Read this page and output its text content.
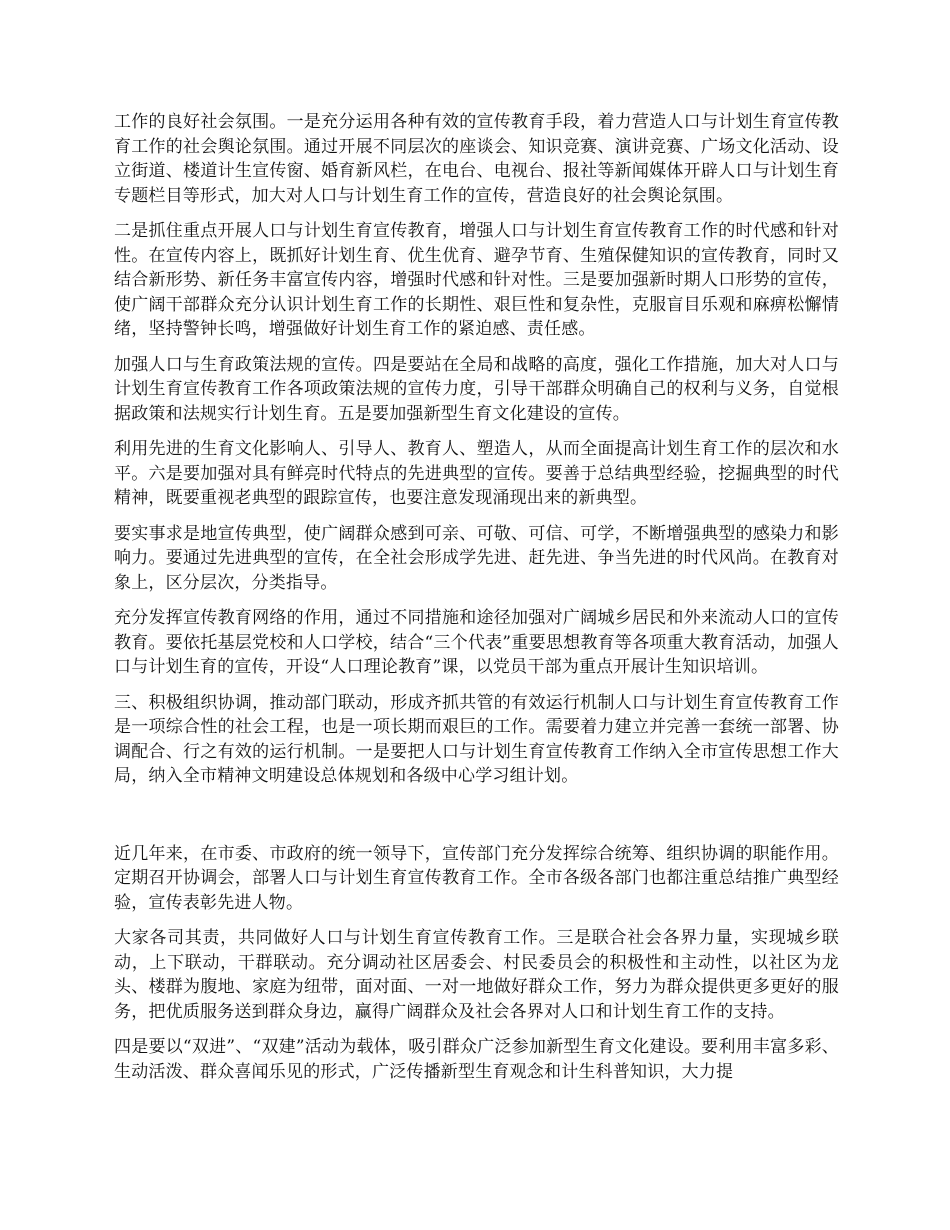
工作的良好社会氛围。一是充分运用各种有效的宣传教育手段，着力营造人口与计划生育宣传教育工作的社会舆论氛围。通过开展不同层次的座谈会、知识竞赛、演讲竞赛、广场文化活动、设立街道、楼道计生宣传窗、婚育新风栏，在电台、电视台、报社等新闻媒体开辟人口与计划生育专题栏目等形式，加大对人口与计划生育工作的宣传，营造良好的社会舆论氛围。

二是抓住重点开展人口与计划生育宣传教育，增强人口与计划生育宣传教育工作的时代感和针对性。在宣传内容上，既抓好计划生育、优生优育、避孕节育、生殖保健知识的宣传教育，同时又结合新形势、新任务丰富宣传内容，增强时代感和针对性。三是要加强新时期人口形势的宣传，使广阔干部群众充分认识计划生育工作的长期性、艰巨性和复杂性，克服盲目乐观和麻痹松懈情绪，坚持警钟长鸣，增强做好计划生育工作的紧迫感、责任感。

加强人口与生育政策法规的宣传。四是要站在全局和战略的高度，强化工作措施，加大对人口与计划生育宣传教育工作各项政策法规的宣传力度，引导干部群众明确自己的权利与义务，自觉根据政策和法规实行计划生育。五是要加强新型生育文化建设的宣传。

利用先进的生育文化影响人、引导人、教育人、塑造人，从而全面提高计划生育工作的层次和水平。六是要加强对具有鲜亮时代特点的先进典型的宣传。要善于总结典型经验，挖掘典型的时代精神，既要重视老典型的跟踪宣传，也要注意发现涌现出来的新典型。

要实事求是地宣传典型，使广阔群众感到可亲、可敬、可信、可学，不断增强典型的感染力和影响力。要通过先进典型的宣传，在全社会形成学先进、赶先进、争当先进的时代风尚。在教育对象上，区分层次，分类指导。

充分发挥宣传教育网络的作用，通过不同措施和途径加强对广阔城乡居民和外来流动人口的宣传教育。要依托基层党校和人口学校，结合“三个代表”重要思想教育等各项重大教育活动，加强人口与计划生育的宣传，开设“人口理论教育”课，以党员干部为重点开展计生知识培训。

三、积极组织协调，推动部门联动，形成齐抓共管的有效运行机制人口与计划生育宣传教育工作是一项综合性的社会工程，也是一项长期而艰巨的工作。需要着力建立并完善一套统一部署、协调配合、行之有效的运行机制。一是要把人口与计划生育宣传教育工作纳入全市宣传思想工作大局，纳入全市精神文明建设总体规划和各级中心学习组计划。

近几年来，在市委、市政府的统一领导下，宣传部门充分发挥综合统筹、组织协调的职能作用。定期召开协调会，部署人口与计划生育宣传教育工作。全市各级各部门也都注重总结推广典型经验，宣传表彰先进人物。

大家各司其责，共同做好人口与计划生育宣传教育工作。三是联合社会各界力量，实现城乡联动，上下联动，干群联动。充分调动社区居委会、村民委员会的积极性和主动性，以社区为龙头、楼群为腹地、家庭为纽带，面对面、一对一地做好群众工作，努力为群众提供更多更好的服务，把优质服务送到群众身边，赢得广阔群众及社会各界对人口和计划生育工作的支持。

四是要以“双进”、“双建”活动为载体，吸引群众广泛参加新型生育文化建设。要利用丰富多彩、生动活泼、群众喜闻乐见的形式，广泛传播新型生育观念和计生科普知识，大力提
